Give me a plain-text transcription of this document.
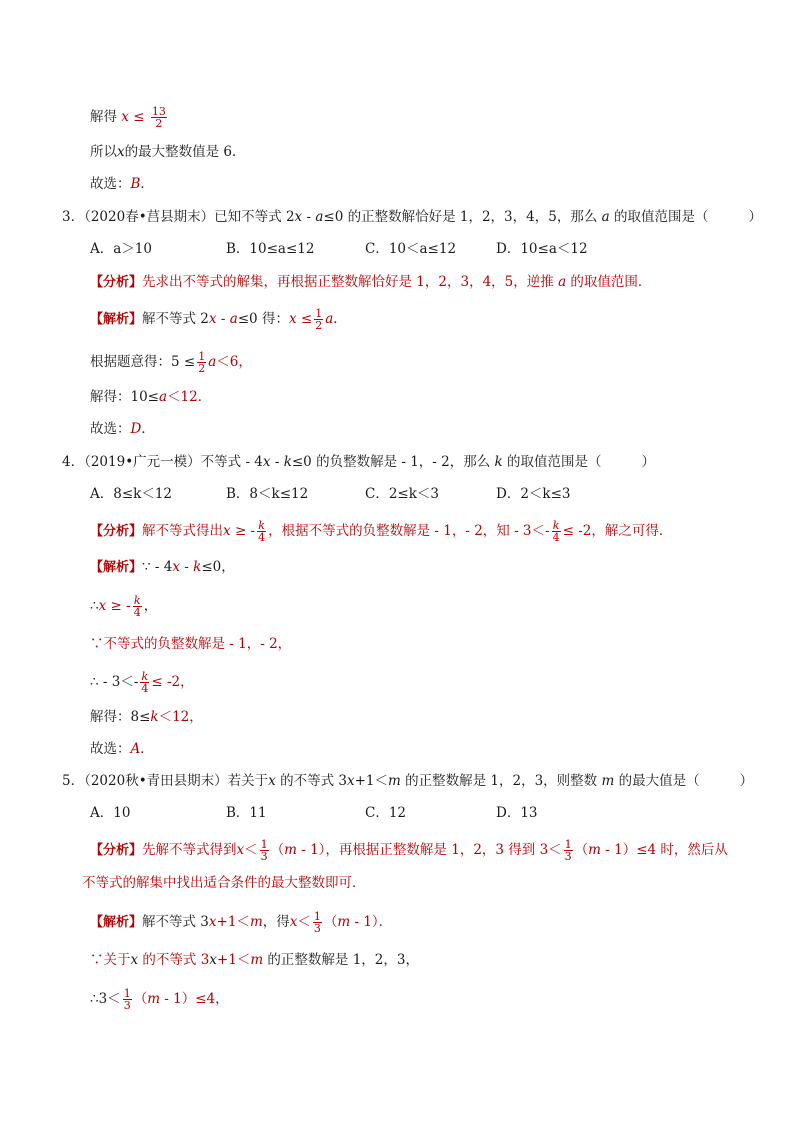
解得 $x \le \frac{13}{2}$
所以x的最大整数值是 6．
故选：B．
3．（2020春•莒县期末）已知不等式 2x - a≤0 的正整数解恰好是 1，2，3，4，5，那么 a 的取值范围是（	）
A．a＞10	B．10≤a≤12	C．10＜a≤12	D．10≤a＜12
【分析】先求出不等式的解集，再根据正整数解恰好是 1，2，3，4，5，逆推 a 的取值范围．
【解析】解不等式 2x - a≤0 得：$x \le \frac{1}{2}$ a．
根据题意得：$5 \le \frac{1}{2} a<6$，
解得：10≤a＜12．
故选：D．
4．（2019•广元一模）不等式 - 4x - k≤0 的负整数解是 - 1，- 2，那么 k 的取值范围是（	）
A．8≤k＜12	B．8＜k≤12	C．2≤k＜3	D．2＜k≤3
【分析】解不等式得出x ≥ - $\frac{k}{4}$ ，根据不等式的负整数解是 - 1，- 2，知 - $3<- \frac{k}{4} \le -2$，解之可得．
【解析】∵ - 4x - k≤0，
∴x ≥ - $\frac{k}{4}$ ，
∵不等式的负整数解是 - 1，- 2，
∴ - $3<- \frac{k}{4} \le -2$，
解得：8≤k＜12，
故选：A．
5．（2020秋•青田县期末）若关于x 的不等式 3x+1＜m 的正整数解是 1，2，3，则整数 m 的最大值是（	）
A．10	B．11	C．12	D．13
【分析】先解不等式得到$x< \frac{1}{3} (m - 1)$，再根据正整数解是 1，2，3 得到 $3< \frac{1}{3} (m - 1)\le 4$ 时，然后从
不等式的解集中找出适合条件的最大整数即可．
【解析】解不等式 3x+1＜m，得$x< \frac{1}{3} (m - 1)$．
∵关于x 的不等式 3x+1＜m 的正整数解是 1，2，3，
∴3＜ $\frac{1}{3} (m - 1)\le 4$，
